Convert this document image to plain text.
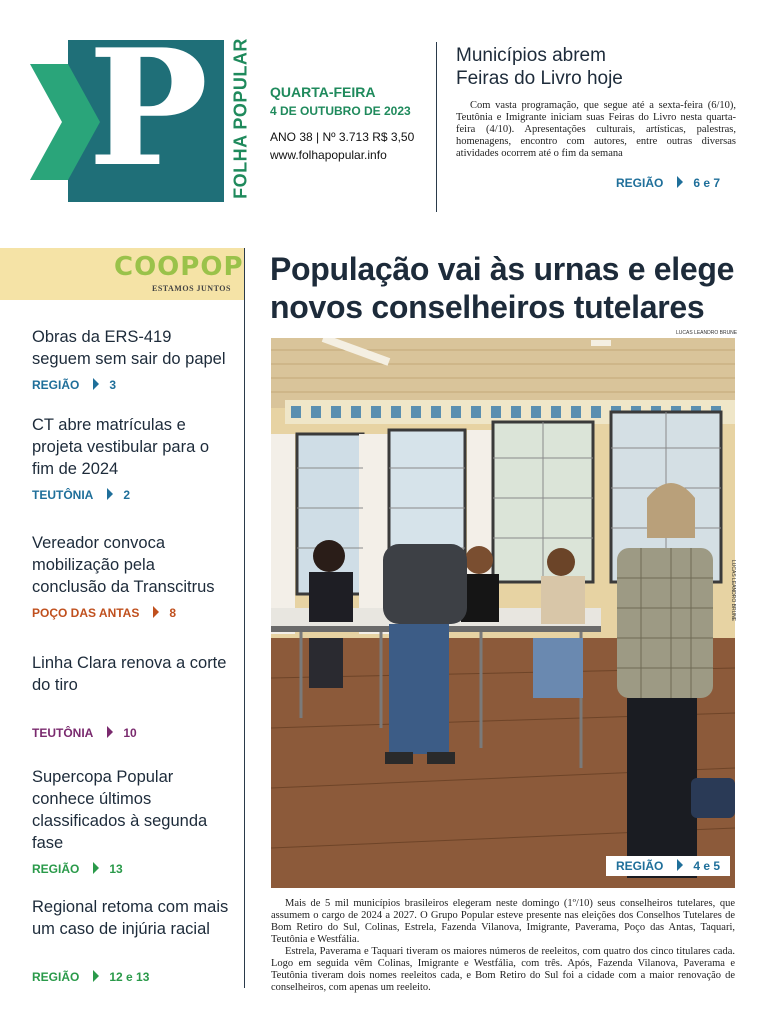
P FOLHA POPULAR QUARTA-FEIRA
4 DE OUTUBRO DE 2023
ANO 38 | Nº 3.713 R$ 3,50
www.folhapopular.info
Municípios abrem
Feiras do Livro hoje
Com vasta programação, que segue até a sexta-feira (6/10), Teutônia e Imigrante iniciam suas Feiras do Livro nesta quarta-feira (4/10). Apresentações culturais, artísticas, palestras, homenagens, encontro com autores, entre outras diversas atividades ocorrem até o fim da semana
REGIÃO	6 e 7
COOPOP
ESTAMOS JUNTOS
Obras da ERS-419 seguem sem sair do papel
REGIÃO	3
CT abre matrículas e projeta vestibular para o fim de 2024
TEUTÔNIA	2
Vereador convoca mobilização pela conclusão da Transcitrus
POÇO DAS ANTAS	8
Linha Clara renova a corte do tiro
TEUTÔNIA	10
Supercopa Popular conhece últimos classificados à segunda fase
REGIÃO	13
Regional retoma com mais um caso de injúria racial
REGIÃO	12 e 13
População vai às urnas e elege novos conselheiros tutelares
LUCAS LEANDRO BRUNE
LUCAS LEANDRO BRUNE
REGIÃO	4 e 5

Mais de 5 mil municípios brasileiros elegeram neste domingo (1º/10) seus conselheiros tutelares, que assumem o cargo de 2024 a 2027. O Grupo Popular esteve presente nas eleições dos Conselhos Tutelares de Bom Retiro do Sul, Colinas, Estrela, Fazenda Vilanova, Imigrante, Paverama, Poço das Antas, Taquari, Teutônia e Westfália.

Estrela, Paverama e Taquari tiveram os maiores números de reeleitos, com quatro dos cinco titulares cada. Logo em seguida vêm Colinas, Imigrante e Westfália, com três. Após, Fazenda Vilanova, Paverama e Teutônia tiveram dois nomes reeleitos cada, e Bom Retiro do Sul foi a cidade com a maior renovação de conselheiros, com apenas um reeleito.
